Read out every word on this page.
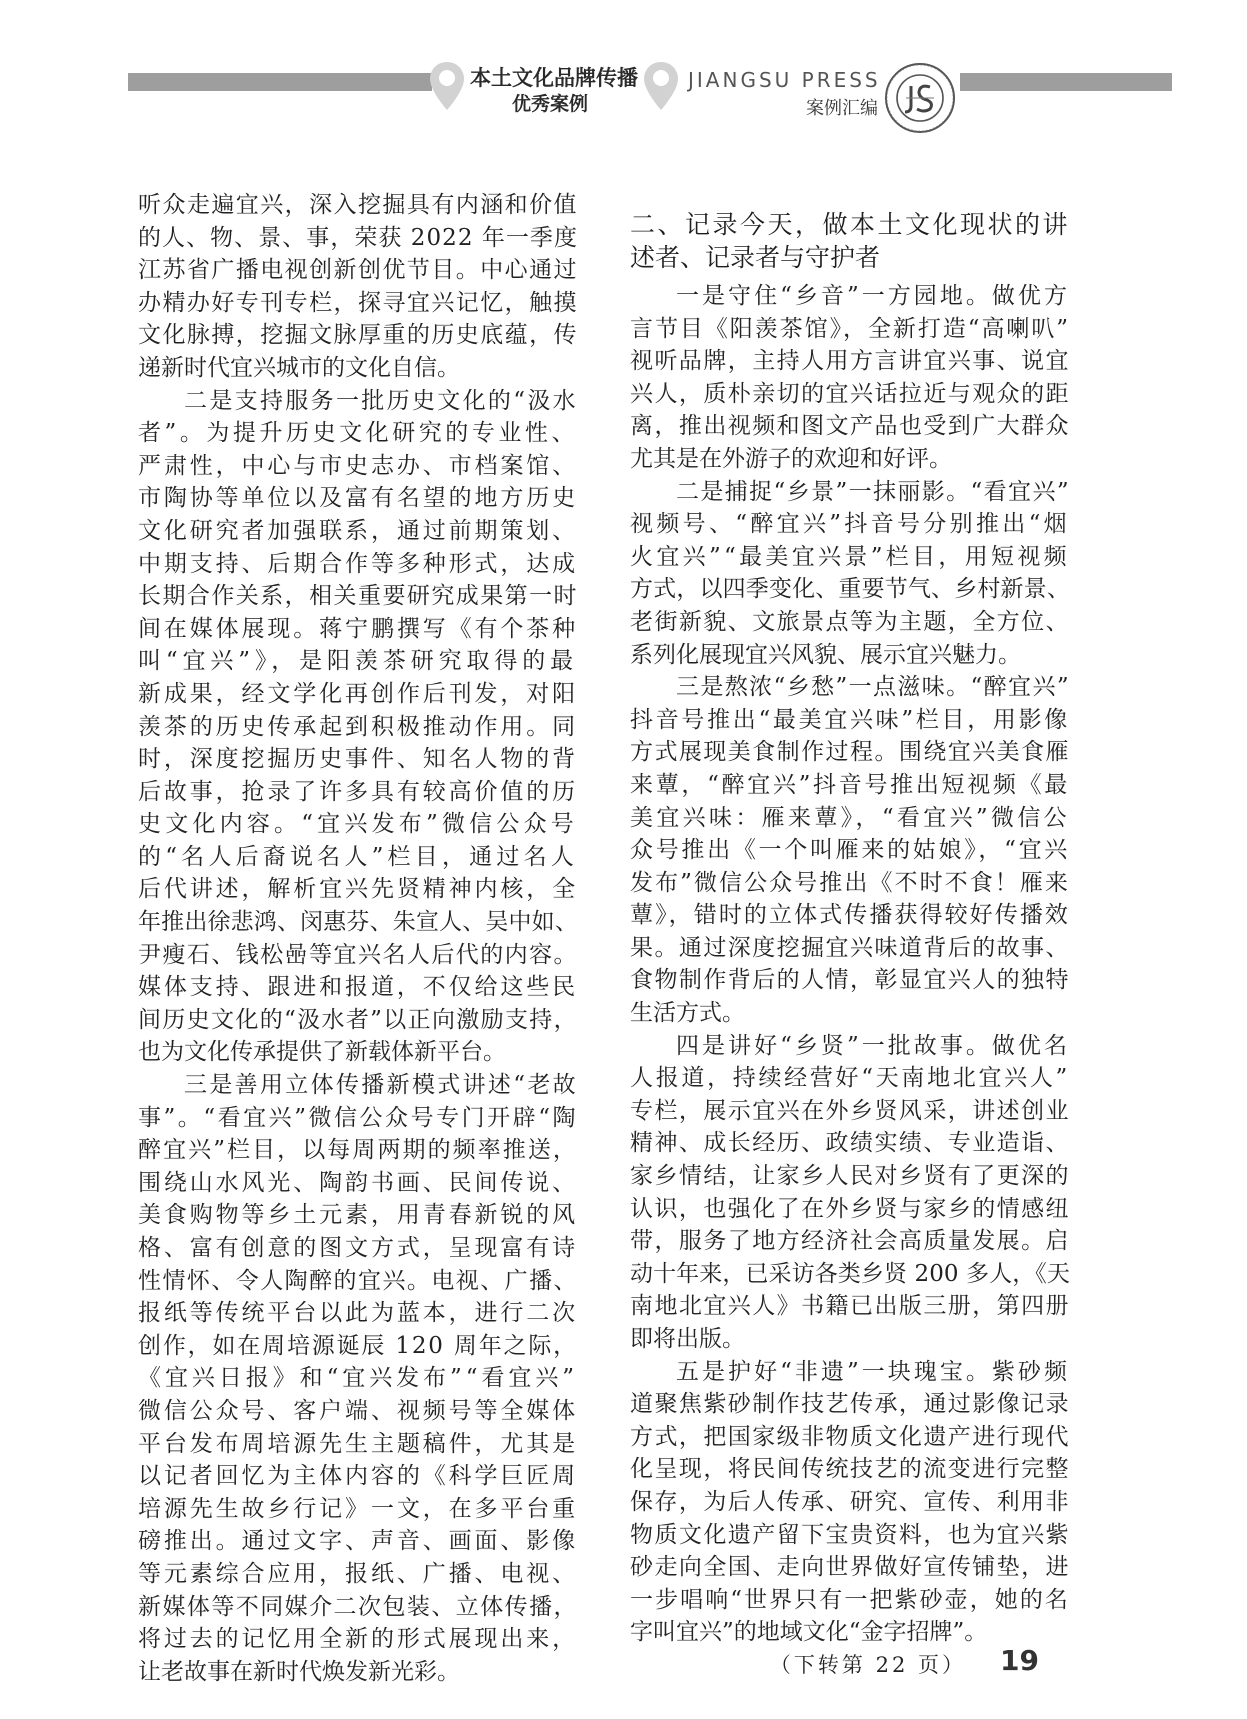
本土文化品牌传播
优秀案例
JIANGSU PRESS
案例汇编
听众走遍宜兴，深入挖掘具有内涵和价值
的人、物、景、事，荣获 2022 年一季度
江苏省广播电视创新创优节目。中心通过
办精办好专刊专栏，探寻宜兴记忆，触摸
文化脉搏，挖掘文脉厚重的历史底蕴，传
递新时代宜兴城市的文化自信。
二是支持服务一批历史文化的“汲水
者”。为提升历史文化研究的专业性、
严肃性，中心与市史志办、市档案馆、
市陶协等单位以及富有名望的地方历史
文化研究者加强联系，通过前期策划、
中期支持、后期合作等多种形式，达成
长期合作关系，相关重要研究成果第一时
间在媒体展现。蒋宁鹏撰写《有个茶种
叫“宜兴”》，是阳羡茶研究取得的最
新成果，经文学化再创作后刊发，对阳
羡茶的历史传承起到积极推动作用。同
时，深度挖掘历史事件、知名人物的背
后故事，抢录了许多具有较高价值的历
史文化内容。“宜兴发布”微信公众号
的“名人后裔说名人”栏目，通过名人
后代讲述，解析宜兴先贤精神内核，全
年推出徐悲鸿、闵惠芬、朱宣人、吴中如、
尹瘦石、钱松喦等宜兴名人后代的内容。
媒体支持、跟进和报道，不仅给这些民
间历史文化的“汲水者”以正向激励支持，
也为文化传承提供了新载体新平台。
三是善用立体传播新模式讲述“老故
事”。“看宜兴”微信公众号专门开辟“陶
醉宜兴”栏目，以每周两期的频率推送，
围绕山水风光、陶韵书画、民间传说、
美食购物等乡土元素，用青春新锐的风
格、富有创意的图文方式，呈现富有诗
性情怀、令人陶醉的宜兴。电视、广播、
报纸等传统平台以此为蓝本，进行二次
创作，如在周培源诞辰 120 周年之际，
《宜兴日报》和“宜兴发布”“看宜兴”
微信公众号、客户端、视频号等全媒体
平台发布周培源先生主题稿件，尤其是
以记者回忆为主体内容的《科学巨匠周
培源先生故乡行记》一文，在多平台重
磅推出。通过文字、声音、画面、影像
等元素综合应用，报纸、广播、电视、
新媒体等不同媒介二次包装、立体传播，
将过去的记忆用全新的形式展现出来，
让老故事在新时代焕发新光彩。
二、记录今天，做本土文化现状的讲
述者、记录者与守护者
一是守住“乡音”一方园地。做优方
言节目《阳羡茶馆》，全新打造“高喇叭”
视听品牌，主持人用方言讲宜兴事、说宜
兴人，质朴亲切的宜兴话拉近与观众的距
离，推出视频和图文产品也受到广大群众
尤其是在外游子的欢迎和好评。
二是捕捉“乡景”一抹丽影。“看宜兴”
视频号、“醉宜兴”抖音号分别推出“烟
火宜兴”“最美宜兴景”栏目，用短视频
方式，以四季变化、重要节气、乡村新景、
老街新貌、文旅景点等为主题，全方位、
系列化展现宜兴风貌、展示宜兴魅力。
三是熬浓“乡愁”一点滋味。“醉宜兴”
抖音号推出“最美宜兴味”栏目，用影像
方式展现美食制作过程。围绕宜兴美食雁
来蕈，“醉宜兴”抖音号推出短视频《最
美宜兴味：雁来蕈》，“看宜兴”微信公
众号推出《一个叫雁来的姑娘》，“宜兴
发布”微信公众号推出《不时不食！雁来
蕈》，错时的立体式传播获得较好传播效
果。通过深度挖掘宜兴味道背后的故事、
食物制作背后的人情，彰显宜兴人的独特
生活方式。
四是讲好“乡贤”一批故事。做优名
人报道，持续经营好“天南地北宜兴人”
专栏，展示宜兴在外乡贤风采，讲述创业
精神、成长经历、政绩实绩、专业造诣、
家乡情结，让家乡人民对乡贤有了更深的
认识，也强化了在外乡贤与家乡的情感纽
带，服务了地方经济社会高质量发展。启
动十年来，已采访各类乡贤 200 多人，《天
南地北宜兴人》书籍已出版三册，第四册
即将出版。
五是护好“非遗”一块瑰宝。紫砂频
道聚焦紫砂制作技艺传承，通过影像记录
方式，把国家级非物质文化遗产进行现代
化呈现，将民间传统技艺的流变进行完整
保存，为后人传承、研究、宣传、利用非
物质文化遗产留下宝贵资料，也为宜兴紫
砂走向全国、走向世界做好宣传铺垫，进
一步唱响“世界只有一把紫砂壶，她的名
字叫宜兴”的地域文化“金字招牌”。
（下转第 22 页）	19
